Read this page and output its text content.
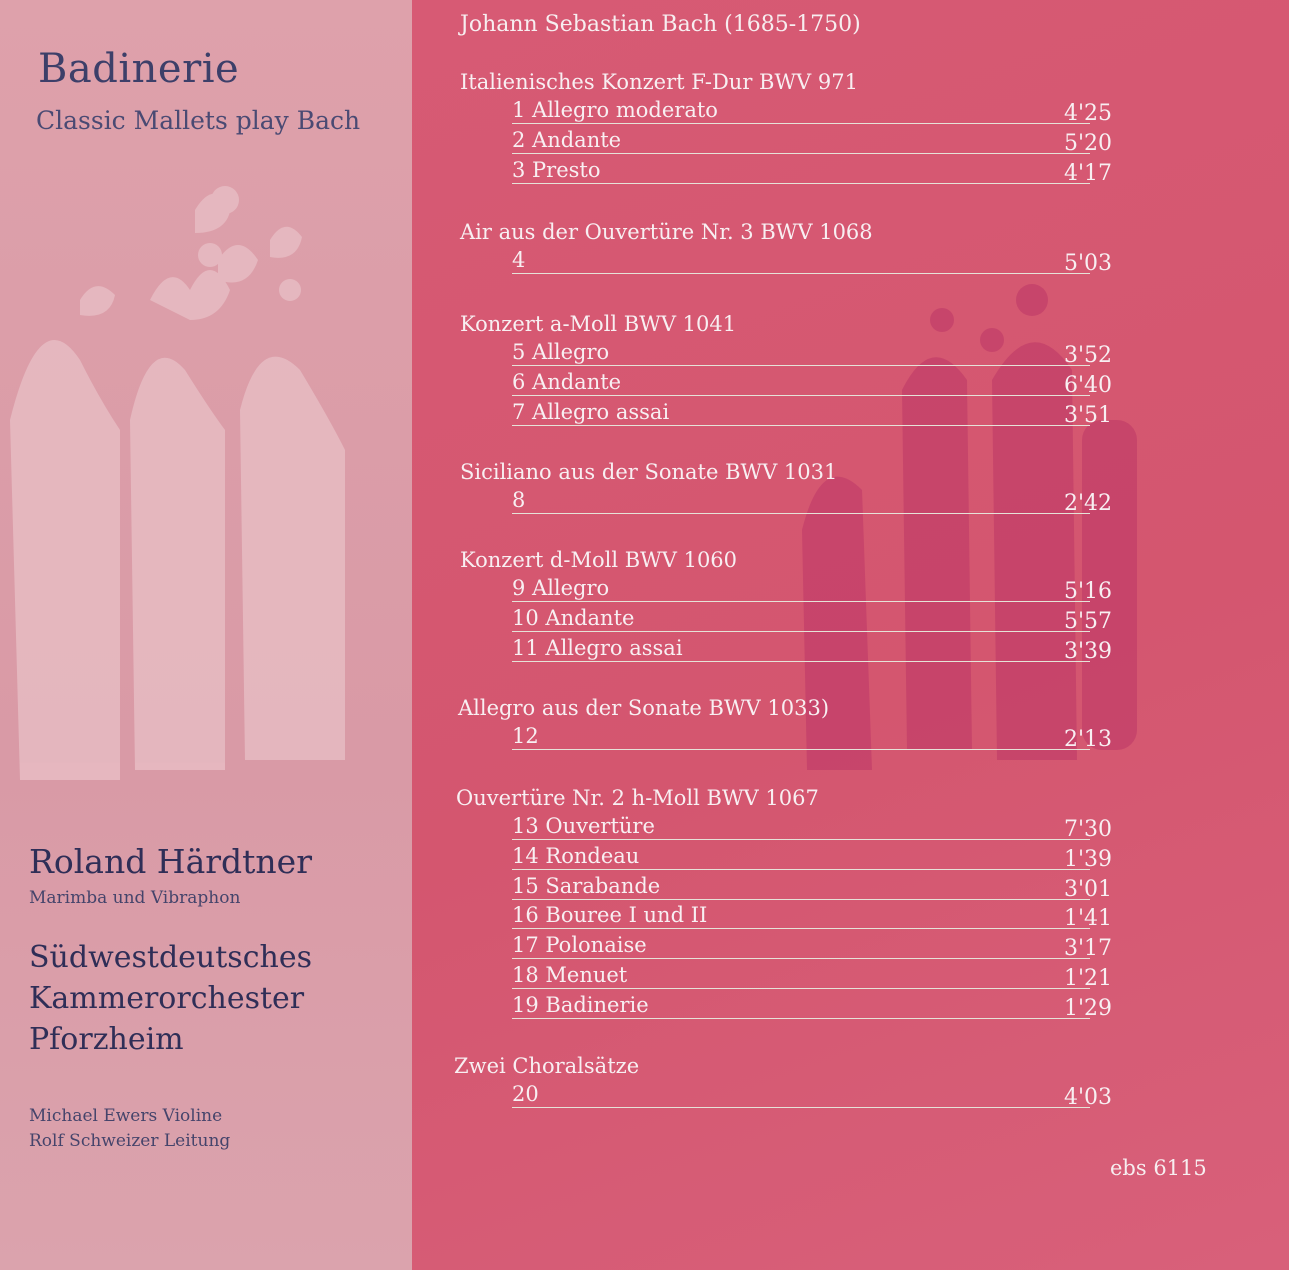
Badinerie
Classic Mallets play Bach
Roland Härdtner
Marimba und Vibraphon
Südwestdeutsches
Kammerorchester
Pforzheim
Michael Ewers Violine
Rolf Schweizer Leitung
Johann Sebastian Bach (1685-1750)
Italienisches Konzert F-Dur BWV 971
1 Allegro moderato	4'25
2 Andante	5'20
3 Presto	4'17
Air aus der Ouvertüre Nr. 3 BWV 1068
4	5'03
Konzert a-Moll BWV 1041
5 Allegro	3'52
6 Andante	6'40
7 Allegro assai	3'51
Siciliano aus der Sonate BWV 1031
8	2'42
Konzert d-Moll BWV 1060
9 Allegro	5'16
10 Andante	5'57
11 Allegro assai	3'39
Allegro aus der Sonate BWV 1033)
12	2'13
Ouvertüre Nr. 2 h-Moll BWV 1067
13 Ouvertüre	7'30
14 Rondeau	1'39
15 Sarabande	3'01
16 Bouree I und II	1'41
17 Polonaise	3'17
18 Menuet	1'21
19 Badinerie	1'29
Zwei Choralsätze
20	4'03
ebs 6115
